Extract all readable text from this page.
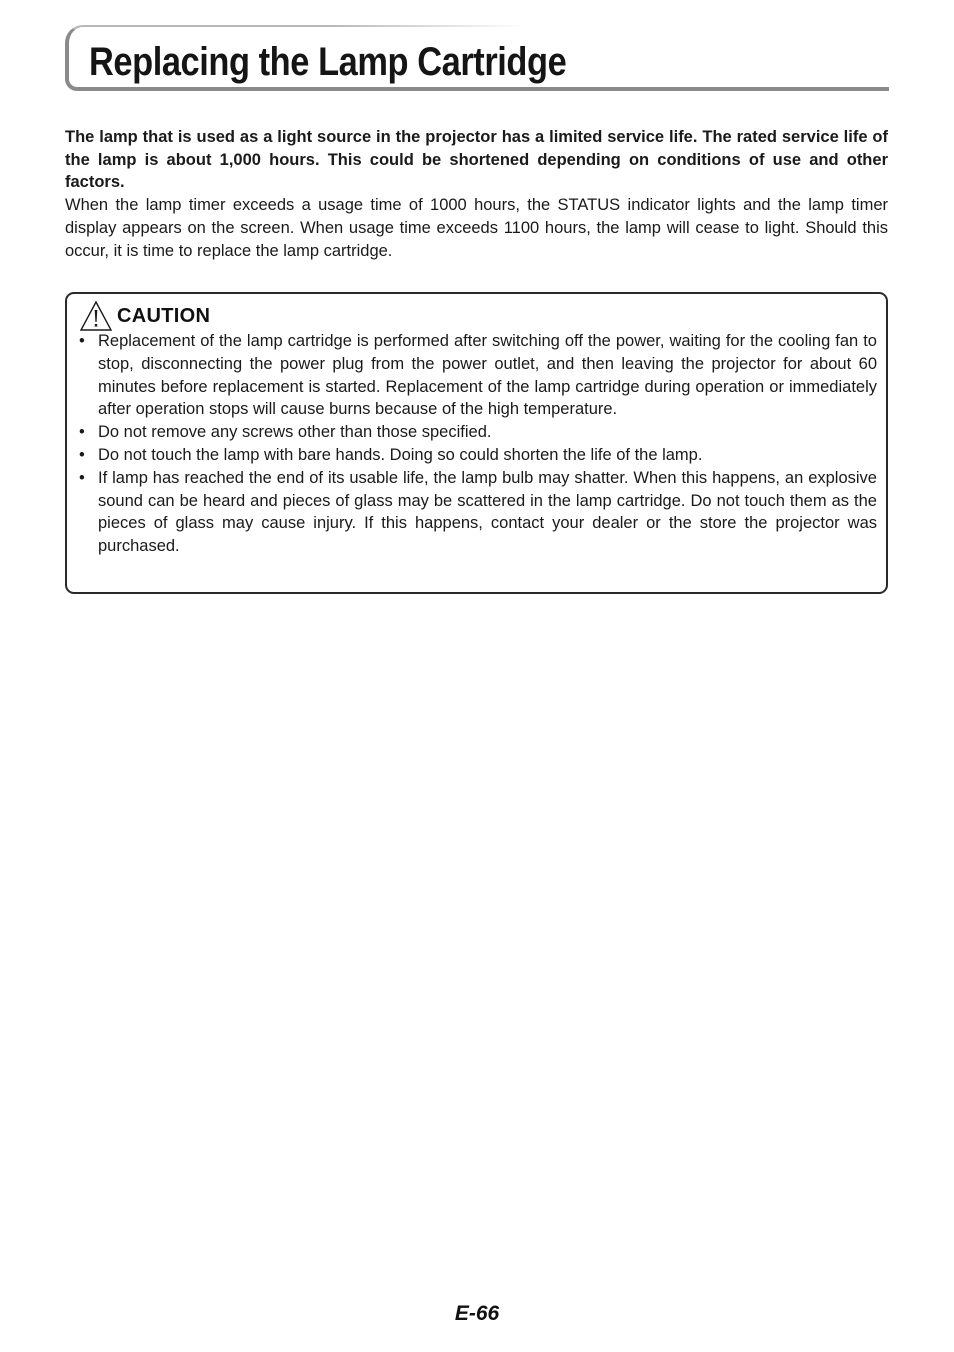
Replacing the Lamp Cartridge

The lamp that is used as a light source in the projector has a limited service life. The rated service life of the lamp is about 1,000 hours. This could be shortened depending on conditions of use and other factors.

When the lamp timer exceeds a usage time of 1000 hours, the STATUS indicator lights and the lamp timer display appears on the screen. When usage time exceeds 1100 hours, the lamp will cease to light. Should this occur, it is time to replace the lamp cartridge.

CAUTION
• Replacement of the lamp cartridge is performed after switching off the power, waiting for the cooling fan to stop, disconnecting the power plug from the power outlet, and then leaving the projector for about 60 minutes before replacement is started. Replacement of the lamp cartridge during operation or immediately after operation stops will cause burns because of the high temperature.
• Do not remove any screws other than those specified.
• Do not touch the lamp with bare hands. Doing so could shorten the life of the lamp.
• If lamp has reached the end of its usable life, the lamp bulb may shatter. When this happens, an explosive sound can be heard and pieces of glass may be scattered in the lamp cartridge. Do not touch them as the pieces of glass may cause injury. If this happens, contact your dealer or the store the projector was purchased.
E-66
